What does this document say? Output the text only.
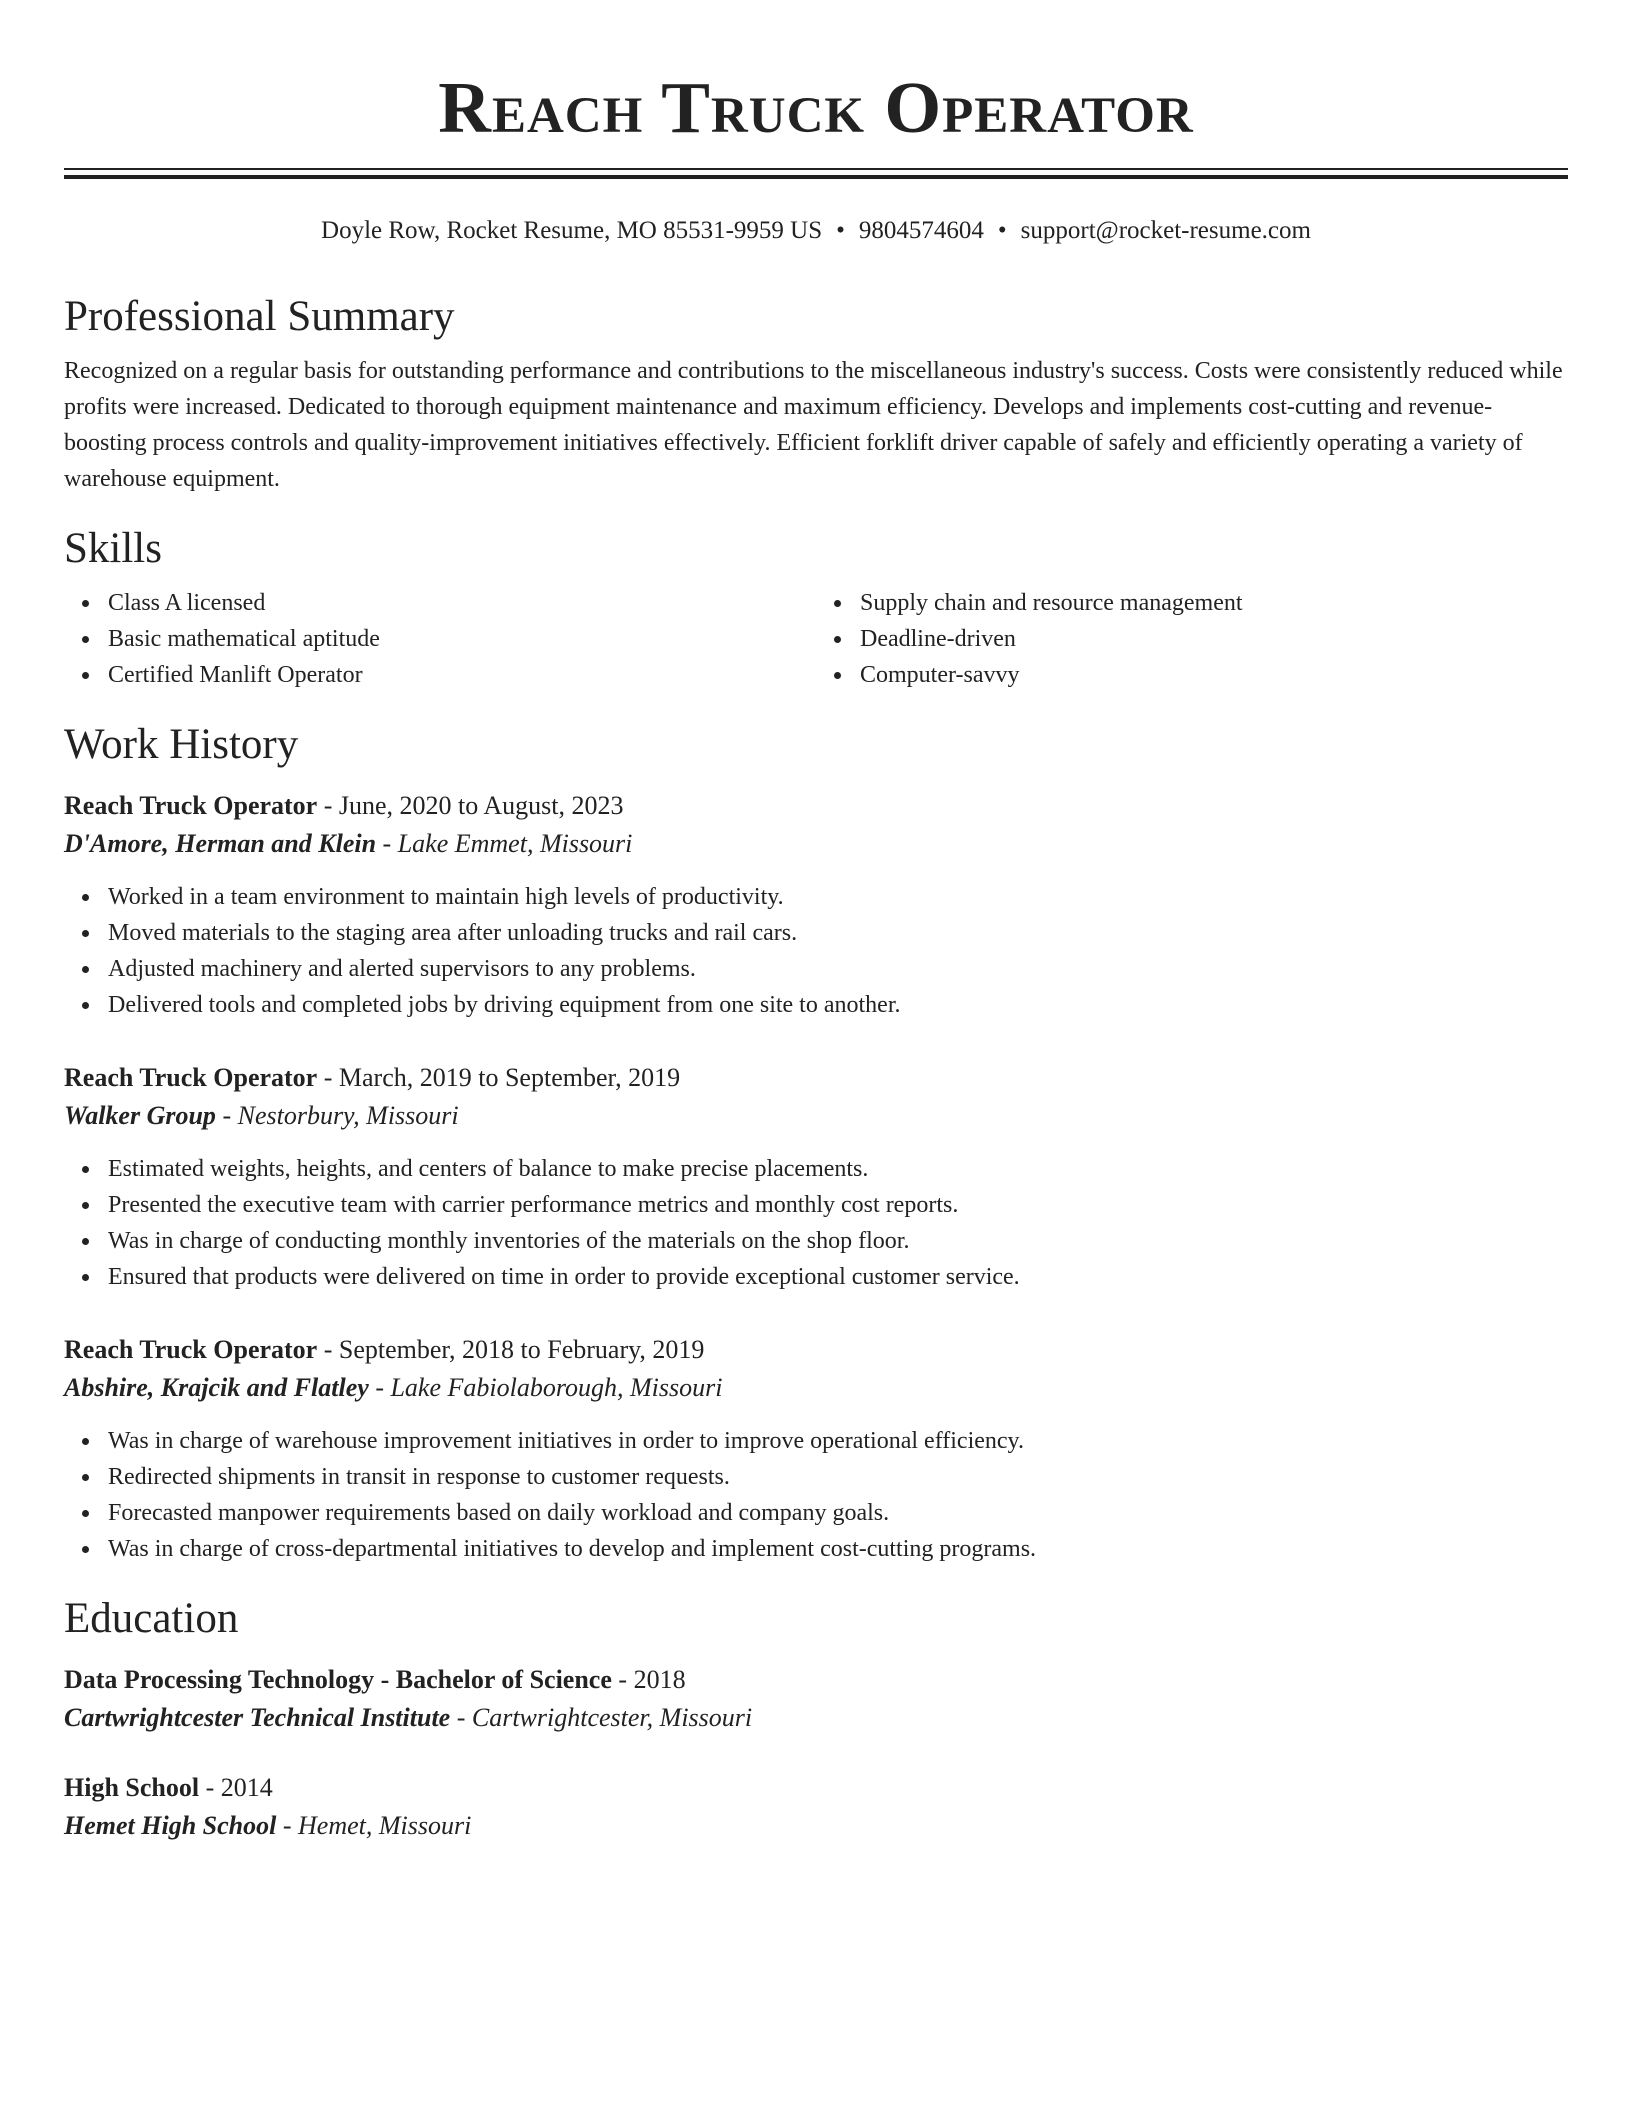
Reach Truck Operator
Doyle Row, Rocket Resume, MO 85531-9959 US • 9804574604 • support@rocket-resume.com
Professional Summary
Recognized on a regular basis for outstanding performance and contributions to the miscellaneous industry's success. Costs were consistently reduced while profits were increased. Dedicated to thorough equipment maintenance and maximum efficiency. Develops and implements cost-cutting and revenue-boosting process controls and quality-improvement initiatives effectively. Efficient forklift driver capable of safely and efficiently operating a variety of warehouse equipment.
Skills
Class A licensed
Basic mathematical aptitude
Certified Manlift Operator
Supply chain and resource management
Deadline-driven
Computer-savvy
Work History
Reach Truck Operator - June, 2020 to August, 2023
D'Amore, Herman and Klein - Lake Emmet, Missouri
Worked in a team environment to maintain high levels of productivity.
Moved materials to the staging area after unloading trucks and rail cars.
Adjusted machinery and alerted supervisors to any problems.
Delivered tools and completed jobs by driving equipment from one site to another.
Reach Truck Operator - March, 2019 to September, 2019
Walker Group - Nestorbury, Missouri
Estimated weights, heights, and centers of balance to make precise placements.
Presented the executive team with carrier performance metrics and monthly cost reports.
Was in charge of conducting monthly inventories of the materials on the shop floor.
Ensured that products were delivered on time in order to provide exceptional customer service.
Reach Truck Operator - September, 2018 to February, 2019
Abshire, Krajcik and Flatley - Lake Fabiolaborough, Missouri
Was in charge of warehouse improvement initiatives in order to improve operational efficiency.
Redirected shipments in transit in response to customer requests.
Forecasted manpower requirements based on daily workload and company goals.
Was in charge of cross-departmental initiatives to develop and implement cost-cutting programs.
Education
Data Processing Technology - Bachelor of Science - 2018
Cartwrightcester Technical Institute - Cartwrightcester, Missouri
High School - 2014
Hemet High School - Hemet, Missouri
